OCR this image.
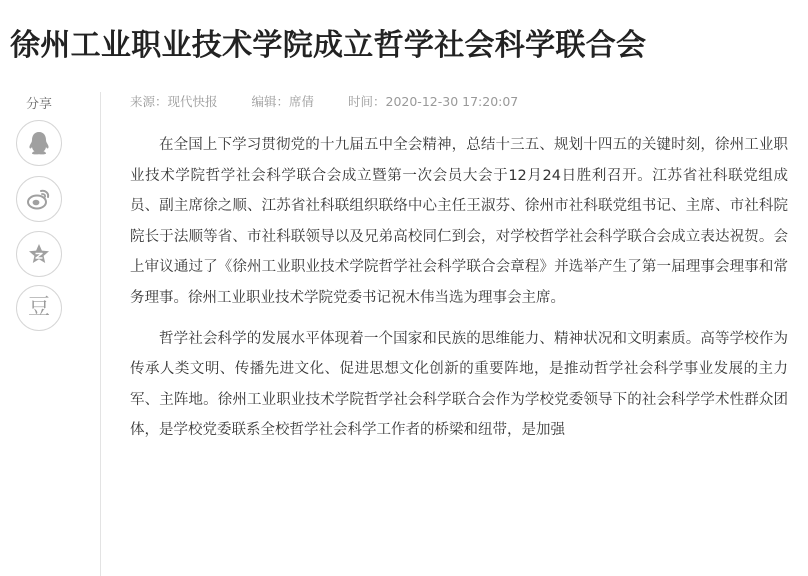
徐州工业职业技术学院成立哲学社会科学联合会
分享
豆
来源：现代快报	编辑：席倩	时间：2020-12-30 17:20:07

在全国上下学习贯彻党的十九届五中全会精神，总结十三五、规划十四五的关键时刻，徐州工业职业技术学院哲学社会科学联合会成立暨第一次会员大会于12月24日胜利召开。江苏省社科联党组成员、副主席徐之顺、江苏省社科联组织联络中心主任王淑芬、徐州市社科联党组书记、主席、市社科院院长于法顺等省、市社科联领导以及兄弟高校同仁到会，对学校哲学社会科学联合会成立表达祝贺。会上审议通过了《徐州工业职业技术学院哲学社会科学联合会章程》并选举产生了第一届理事会理事和常务理事。徐州工业职业技术学院党委书记祝木伟当选为理事会主席。

哲学社会科学的发展水平体现着一个国家和民族的思维能力、精神状况和文明素质。高等学校作为传承人类文明、传播先进文化、促进思想文化创新的重要阵地，是推动哲学社会科学事业发展的主力军、主阵地。徐州工业职业技术学院哲学社会科学联合会作为学校党委领导下的社会科学学术性群众团体，是学校党委联系全校哲学社会科学工作者的桥梁和纽带，是加强
